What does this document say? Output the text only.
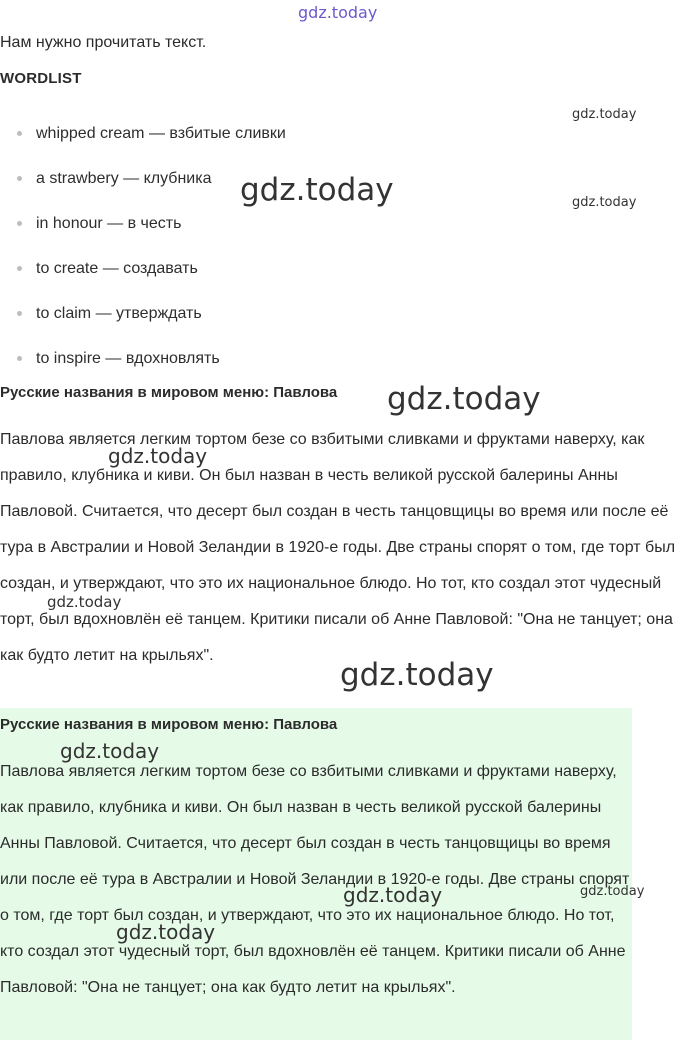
gdz.today

Нам нужно прочитать текст.

WORDLIST
whipped cream — взбитые сливки
a strawbery — клубника
in honour — в честь
to create — создавать
to claim — утверждать
to inspire — вдохновлять
Русские названия в мировом меню: Павлова

Павлова является легким тортом безе со взбитыми сливками и фруктами наверху, как правило, клубника и киви. Он был назван в честь великой русской балерины Анны Павловой. Считается, что десерт был создан в честь танцовщицы во время или после её тура в Австралии и Новой Зеландии в 1920-е годы. Две страны спорят о том, где торт был создан, и утверждают, что это их национальное блюдо. Но тот, кто создал этот чудесный торт, был вдохновлён её танцем. Критики писали об Анне Павловой: "Она не танцует; она как будто летит на крыльях".

Русские названия в мировом меню: Павлова

Павлова является легким тортом безе со взбитыми сливками и фруктами наверху, как правило, клубника и киви. Он был назван в честь великой русской балерины Анны Павловой. Считается, что десерт был создан в честь танцовщицы во время или после её тура в Австралии и Новой Зеландии в 1920-е годы. Две страны спорят о том, где торт был создан, и утверждают, что это их национальное блюдо. Но тот, кто создал этот чудесный торт, был вдохновлён её танцем. Критики писали об Анне Павловой: "Она не танцует; она как будто летит на крыльях".

gdz.today
gdz.today	gdz.today
gdz.today
gdz.today
gdz.today
gdz.today
gdz.today
gdz.today	gdz.today
gdz.today
